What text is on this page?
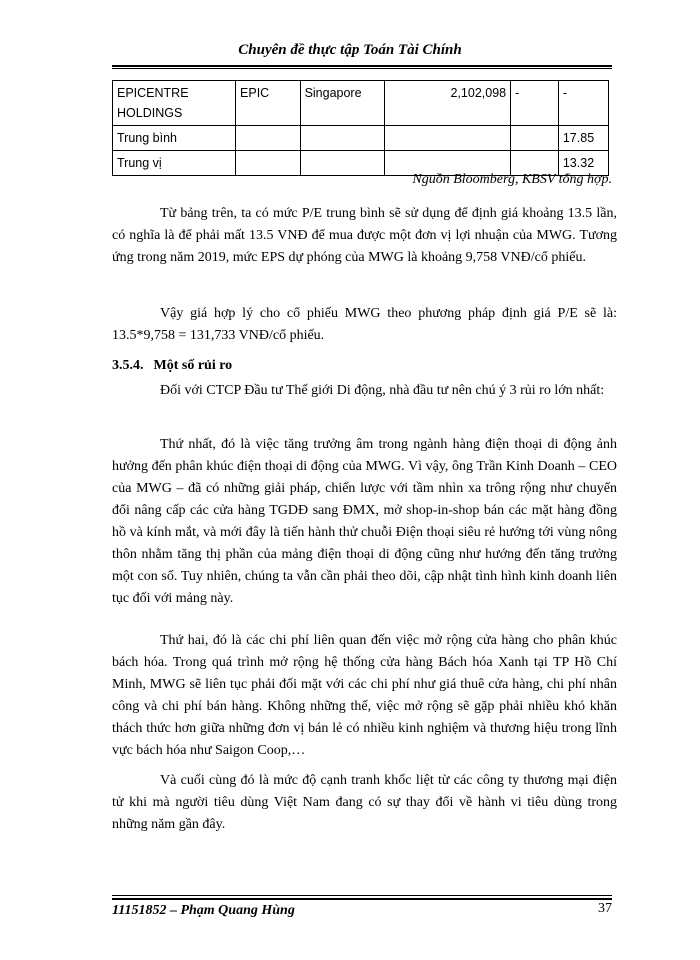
Chuyên đề thực tập Toán Tài Chính
EPICENTRE HOLDINGS	EPIC	Singapore	2,102,098	-	-
Trung bình					17.85
Trung vị					13.32
Nguồn Bloomberg, KBSV tổng hợp.

Từ bảng trên, ta có mức P/E trung bình sẽ sử dụng để định giá khoảng 13.5 lần, có nghĩa là để phải mất 13.5 VNĐ để mua được một đơn vị lợi nhuận của MWG. Tương ứng trong năm 2019, mức EPS dự phóng của MWG là khoảng 9,758 VNĐ/cổ phiếu.

Vậy giá hợp lý cho cổ phiếu MWG theo phương pháp định giá P/E sẽ là: 13.5*9,758 = 131,733 VNĐ/cổ phiếu.

3.5.4. Một số rủi ro

Đối với CTCP Đầu tư Thế giới Di động, nhà đầu tư nên chú ý 3 rủi ro lớn nhất:

Thứ nhất, đó là việc tăng trưởng âm trong ngành hàng điện thoại di động ảnh hưởng đến phân khúc điện thoại di động của MWG. Vì vậy, ông Trần Kinh Doanh – CEO của MWG – đã có những giải pháp, chiến lược với tầm nhìn xa trông rộng như chuyển đổi nâng cấp các cửa hàng TGDĐ sang ĐMX, mở shop-in-shop bán các mặt hàng đồng hồ và kính mắt, và mới đây là tiến hành thử chuỗi Điện thoại siêu rẻ hướng tới vùng nông thôn nhằm tăng thị phần của mảng điện thoại di động cũng như hướng đến tăng trưởng một con số. Tuy nhiên, chúng ta vẫn cần phải theo dõi, cập nhật tình hình kinh doanh liên tục đối với mảng này.

Thứ hai, đó là các chi phí liên quan đến việc mở rộng cửa hàng cho phân khúc bách hóa. Trong quá trình mở rộng hệ thống cửa hàng Bách hóa Xanh tại TP Hồ Chí Minh, MWG sẽ liên tục phải đối mặt với các chi phí như giá thuê cửa hàng, chi phí nhân công và chi phí bán hàng. Không những thế, việc mở rộng sẽ gặp phải nhiều khó khăn thách thức hơn giữa những đơn vị bán lẻ có nhiều kinh nghiệm và thương hiệu trong lĩnh vực bách hóa như Saigon Coop,…

Và cuối cùng đó là mức độ cạnh tranh khốc liệt từ các công ty thương mại điện tử khi mà người tiêu dùng Việt Nam đang có sự thay đổi về hành vi tiêu dùng trong những năm gần đây.

11151852 – Phạm Quang Hùng	37
